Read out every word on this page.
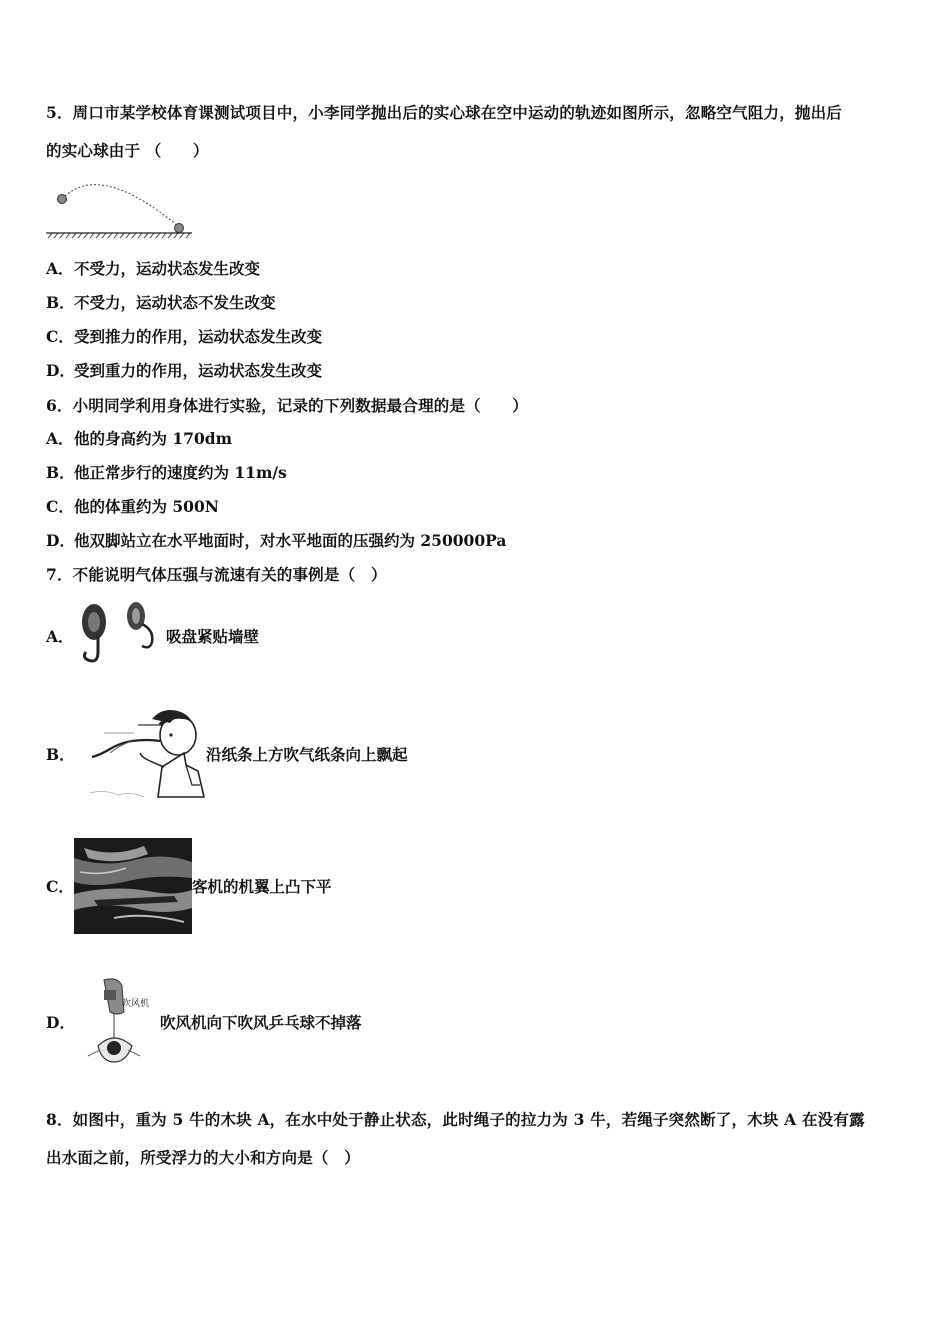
5．周口市某学校体育课测试项目中，小李同学抛出后的实心球在空中运动的轨迹如图所示，忽略空气阻力，抛出后
的实心球由于 （　　）
A． 不受力，运动状态发生改变
B． 不受力，运动状态不发生改变
C． 受到推力的作用，运动状态发生改变
D． 受到重力的作用，运动状态发生改变
6．小明同学利用身体进行实验，记录的下列数据最合理的是（　　）
A． 他的身高约为 170dm
B． 他正常步行的速度约为 11m/s
C． 他的体重约为 500N
D． 他双脚站立在水平地面时，对水平地面的压强约为 250000Pa
7．不能说明气体压强与流速有关的事例是（　）
A．	吸盘紧贴墙壁
B．	沿纸条上方吹气纸条向上飘起
C．	客机的机翼上凸下平
D．
吹风机
吹风机向下吹风乒乓球不掉落
8．如图中，重为 5 牛的木块 A，在水中处于静止状态，此时绳子的拉力为 3 牛，若绳子突然断了，木块 A 在没有露
出水面之前，所受浮力的大小和方向是（　）
